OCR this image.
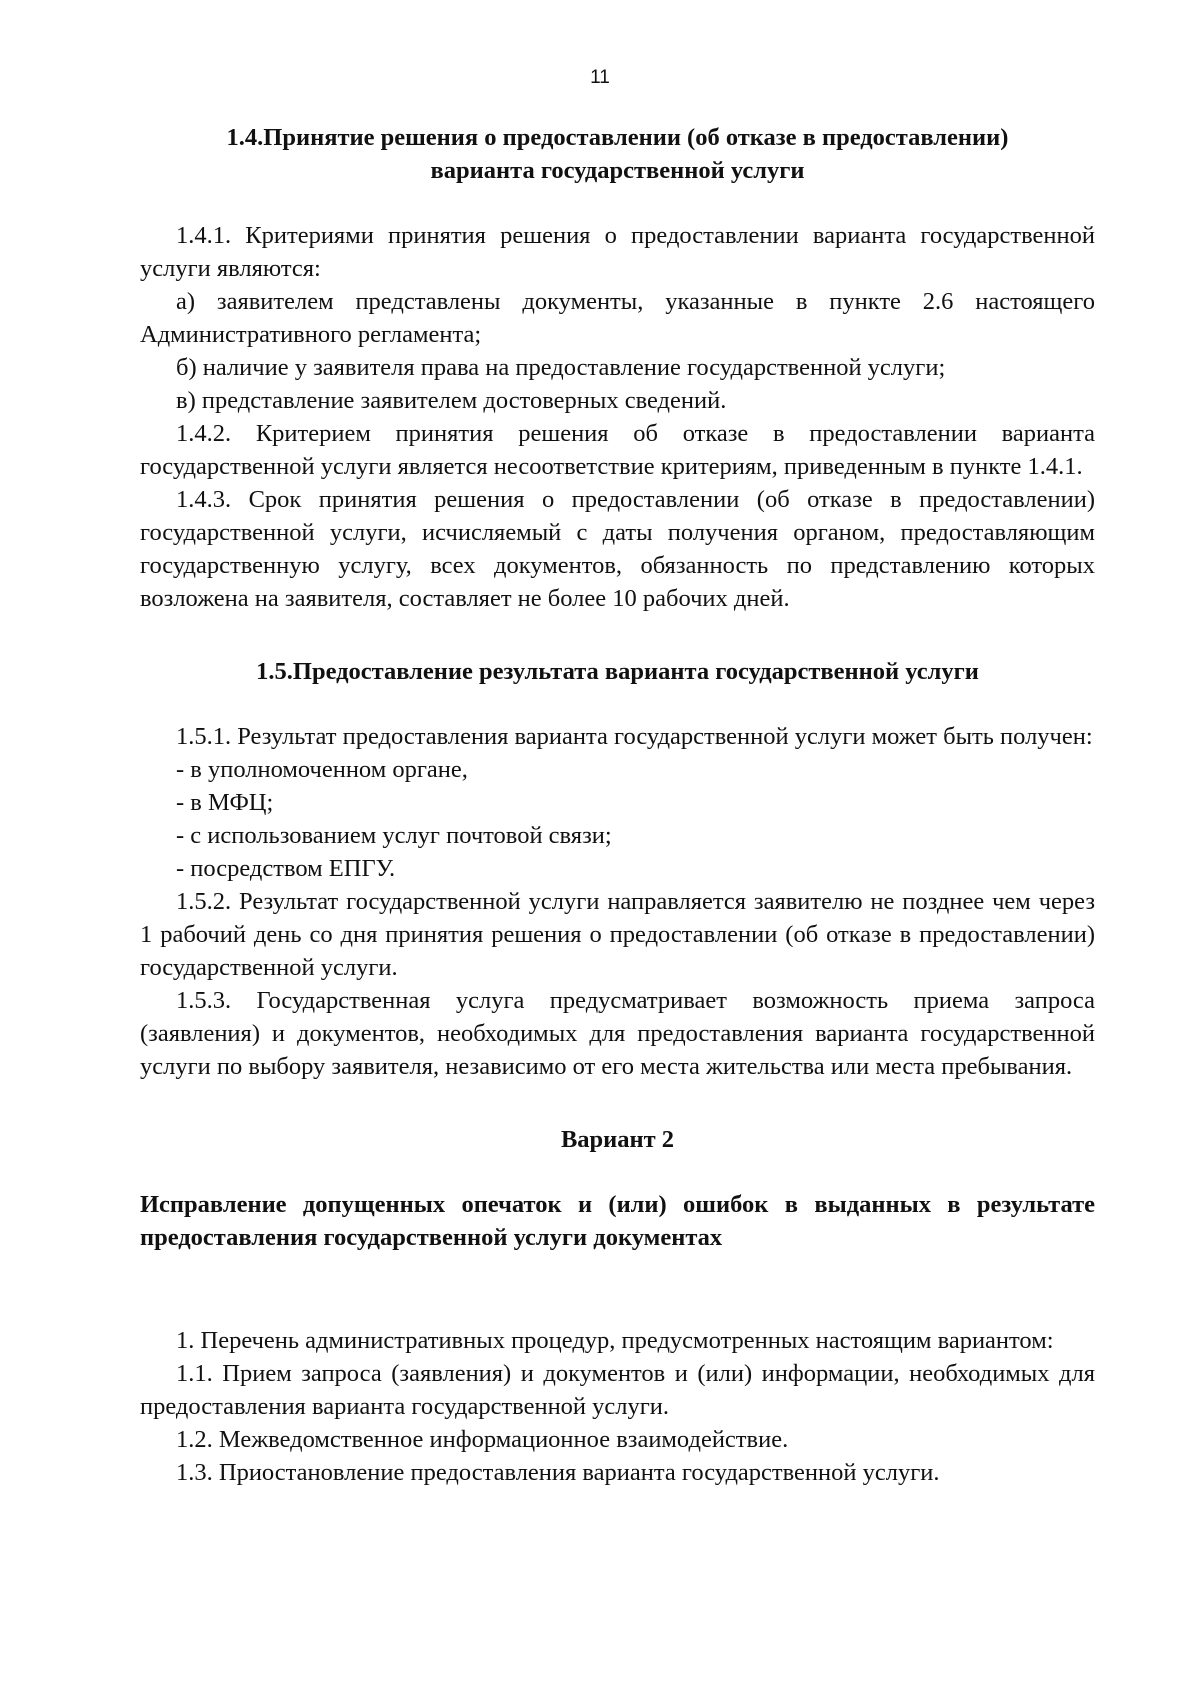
11

1.4.Принятие решения о предоставлении (об отказе в предоставлении)

варианта государственной услуги

1.4.1. Критериями принятия решения о предоставлении варианта государственной услуги являются:

а) заявителем представлены документы, указанные в пункте 2.6 настоящего Административного регламента;

б) наличие у заявителя права на предоставление государственной услуги;

в) представление заявителем достоверных сведений.

1.4.2. Критерием принятия решения об отказе в предоставлении варианта государственной услуги является несоответствие критериям, приведенным в пункте 1.4.1.

1.4.3. Срок принятия решения о предоставлении (об отказе в предоставлении) государственной услуги, исчисляемый с даты получения органом, предоставляющим государственную услугу, всех документов, обязанность по представлению которых возложена на заявителя, составляет не более 10 рабочих дней.

1.5.Предоставление результата варианта государственной услуги

1.5.1. Результат предоставления варианта государственной услуги может быть получен:

- в уполномоченном органе,

- в МФЦ;

- с использованием услуг почтовой связи;

- посредством ЕПГУ.

1.5.2. Результат государственной услуги направляется заявителю не позднее чем через 1 рабочий день со дня принятия решения о предоставлении (об отказе в предоставлении) государственной услуги.

1.5.3. Государственная услуга предусматривает возможность приема запроса (заявления) и документов, необходимых для предоставления варианта государственной услуги по выбору заявителя, независимо от его места жительства или места пребывания.

Вариант 2

Исправление допущенных опечаток и (или) ошибок в выданных в результате предоставления государственной услуги документах

1. Перечень административных процедур, предусмотренных настоящим вариантом:

1.1. Прием запроса (заявления) и документов и (или) информации, необходимых для предоставления варианта государственной услуги.

1.2. Межведомственное информационное взаимодействие.

1.3. Приостановление предоставления варианта государственной услуги.
